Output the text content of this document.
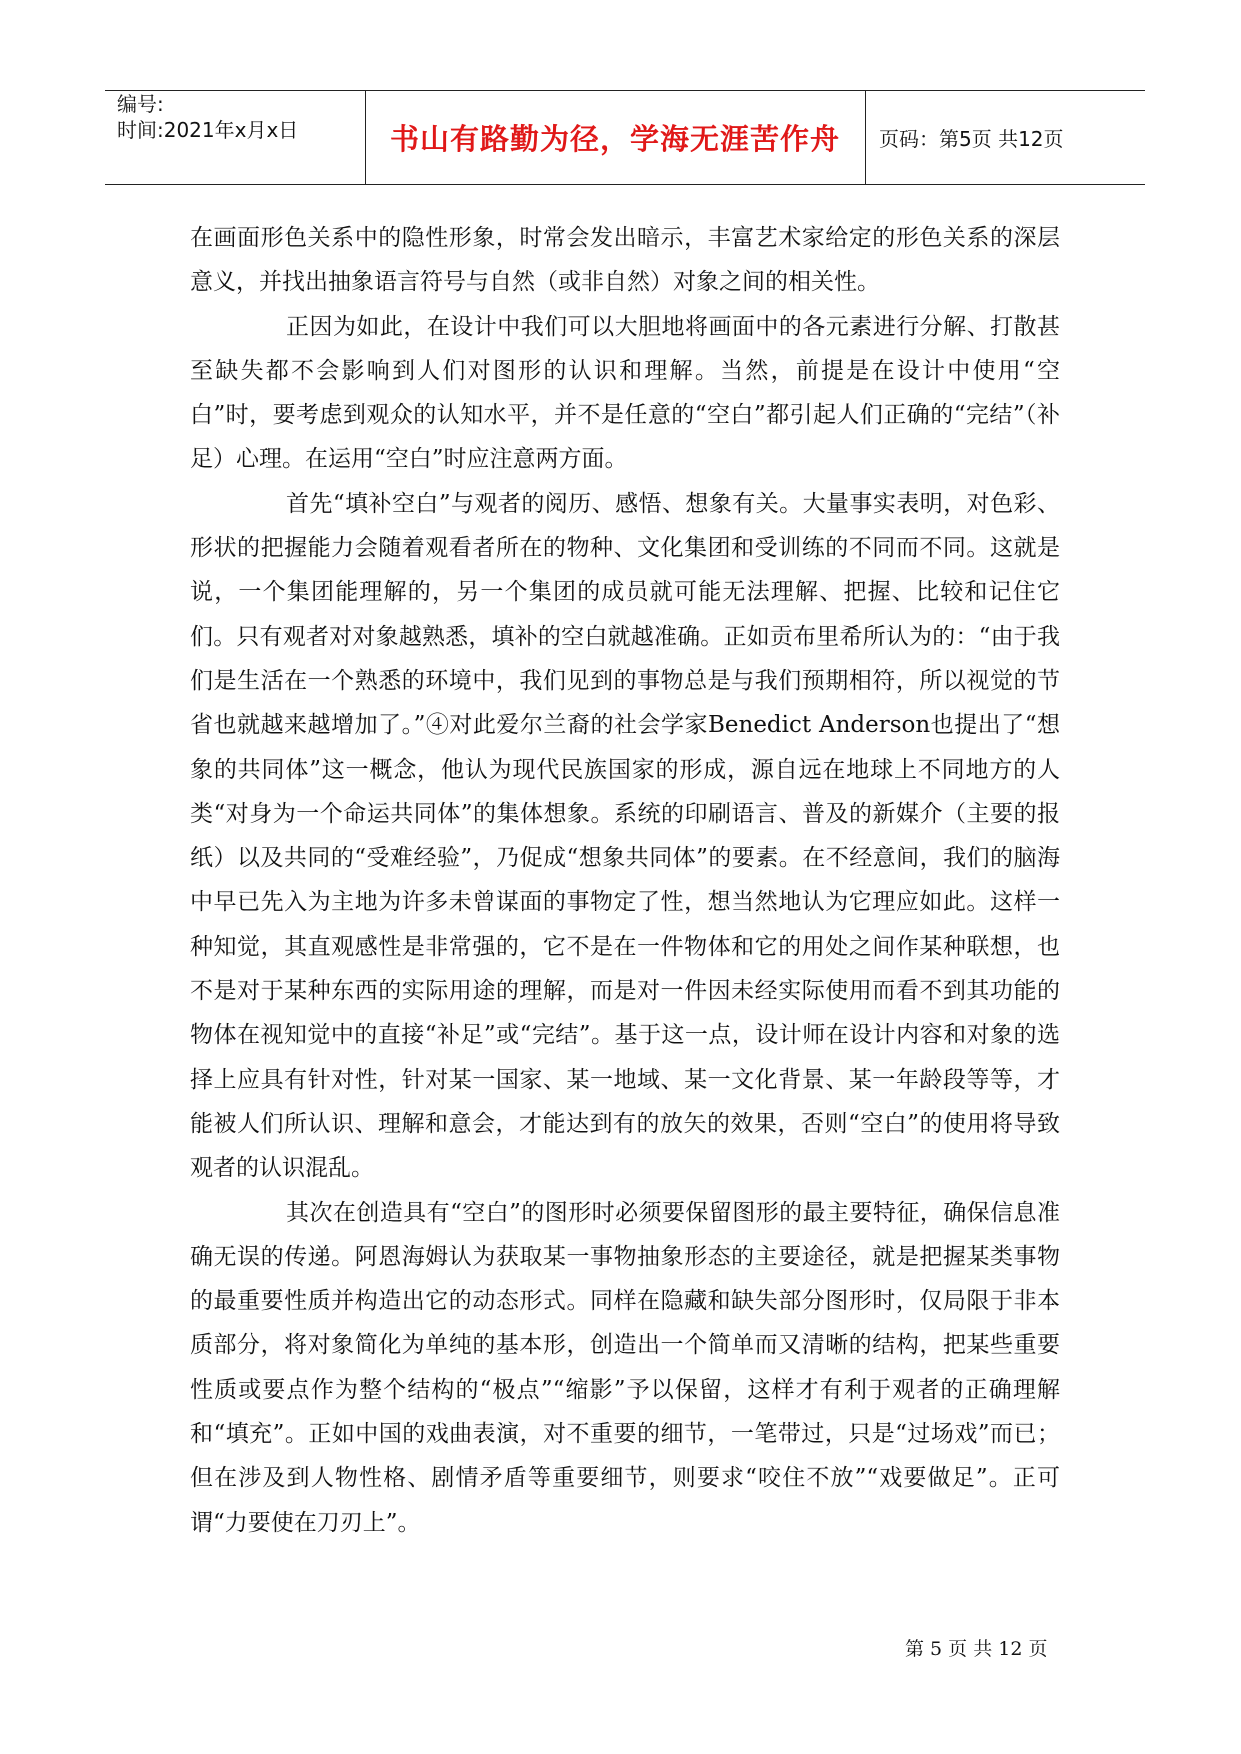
编号:
时间:2021年x月x日	书山有路勤为径，学海无涯苦作舟	页码：第5页 共12页

在画面形色关系中的隐性形象，时常会发出暗示，丰富艺术家给定的形色关系的深层意义，并找出抽象语言符号与自然（或非自然）对象之间的相关性。

正因为如此，在设计中我们可以大胆地将画面中的各元素进行分解、打散甚至缺失都不会影响到人们对图形的认识和理解。当然，前提是在设计中使用“空白”时，要考虑到观众的认知水平，并不是任意的“空白”都引起人们正确的“完结”（补足）心理。在运用“空白”时应注意两方面。

首先“填补空白”与观者的阅历、感悟、想象有关。大量事实表明，对色彩、形状的把握能力会随着观看者所在的物种、文化集团和受训练的不同而不同。这就是说，一个集团能理解的，另一个集团的成员就可能无法理解、把握、比较和记住它们。只有观者对对象越熟悉，填补的空白就越准确。正如贡布里希所认为的：“由于我们是生活在一个熟悉的环境中，我们见到的事物总是与我们预期相符，所以视觉的节省也就越来越增加了。”④对此爱尔兰裔的社会学家Benedict Anderson也提出了“想象的共同体”这一概念，他认为现代民族国家的形成，源自远在地球上不同地方的人类“对身为一个命运共同体”的集体想象。系统的印刷语言、普及的新媒介（主要的报纸）以及共同的“受难经验”，乃促成“想象共同体”的要素。在不经意间，我们的脑海中早已先入为主地为许多未曾谋面的事物定了性，想当然地认为它理应如此。这样一种知觉，其直观感性是非常强的，它不是在一件物体和它的用处之间作某种联想，也不是对于某种东西的实际用途的理解，而是对一件因未经实际使用而看不到其功能的物体在视知觉中的直接“补足”或“完结”。基于这一点，设计师在设计内容和对象的选择上应具有针对性，针对某一国家、某一地域、某一文化背景、某一年龄段等等，才能被人们所认识、理解和意会，才能达到有的放矢的效果，否则“空白”的使用将导致观者的认识混乱。

其次在创造具有“空白”的图形时必须要保留图形的最主要特征，确保信息准确无误的传递。阿恩海姆认为获取某一事物抽象形态的主要途径，就是把握某类事物的最重要性质并构造出它的动态形式。同样在隐藏和缺失部分图形时，仅局限于非本质部分，将对象简化为单纯的基本形，创造出一个简单而又清晰的结构，把某些重要性质或要点作为整个结构的“极点”“缩影”予以保留，这样才有利于观者的正确理解和“填充”。正如中国的戏曲表演，对不重要的细节，一笔带过，只是“过场戏”而已；但在涉及到人物性格、剧情矛盾等重要细节，则要求“咬住不放”“戏要做足”。正可谓“力要使在刀刃上”。

第 5 页 共 12 页
